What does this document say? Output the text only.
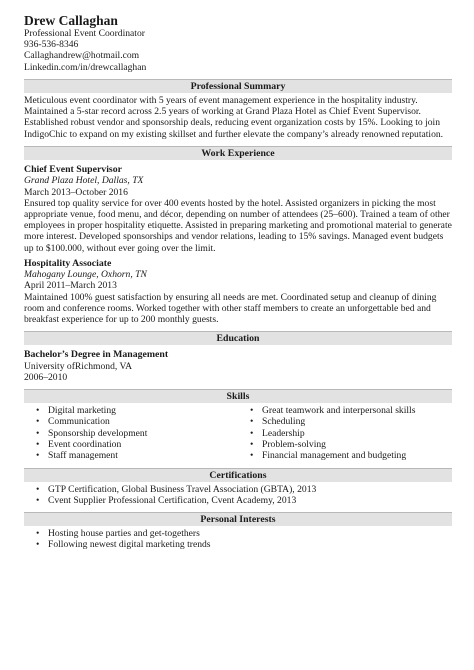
Drew Callaghan
Professional Event Coordinator
936-536-8346
Callaghandrew@hotmail.com
Linkedin.com/in/drewcallaghan
Professional Summary
Meticulous event coordinator with 5 years of event management experience in the hospitality industry. Maintained a 5-star record across 2.5 years of working at Grand Plaza Hotel as Chief Event Supervisor. Established robust vendor and sponsorship deals, reducing event organization costs by 15%. Looking to join IndigoChic to expand on my existing skillset and further elevate the company’s already renowned reputation.
Work Experience
Chief Event Supervisor
Grand Plaza Hotel, Dallas, TX
March 2013–October 2016
Ensured top quality service for over 400 events hosted by the hotel. Assisted organizers in picking the most appropriate venue, food menu, and décor, depending on number of attendees (25–600). Trained a team of other employees in proper hospitality etiquette. Assisted in preparing marketing and promotional material to generate more interest. Developed sponsorships and vendor relations, leading to 15% savings. Managed event budgets up to $100.000, without ever going over the limit.
Hospitality Associate
Mahogany Lounge, Oxhorn, TN
April 2011–March 2013
Maintained 100% guest satisfaction by ensuring all needs are met. Coordinated setup and cleanup of dining room and conference rooms. Worked together with other staff members to create an unforgettable bed and breakfast experience for up to 200 monthly guests.
Education
Bachelor’s Degree in Management
University ofRichmond, VA
2006–2010
Skills
• Digital marketing
• Communication
• Sponsorship development
• Event coordination
• Staff management
• Great teamwork and interpersonal skills
• Scheduling
• Leadership
• Problem-solving
• Financial management and budgeting
Certifications
• GTP Certification, Global Business Travel Association (GBTA), 2013
• Cvent Supplier Professional Certification, Cvent Academy, 2013
Personal Interests
• Hosting house parties and get-togethers
• Following newest digital marketing trends
